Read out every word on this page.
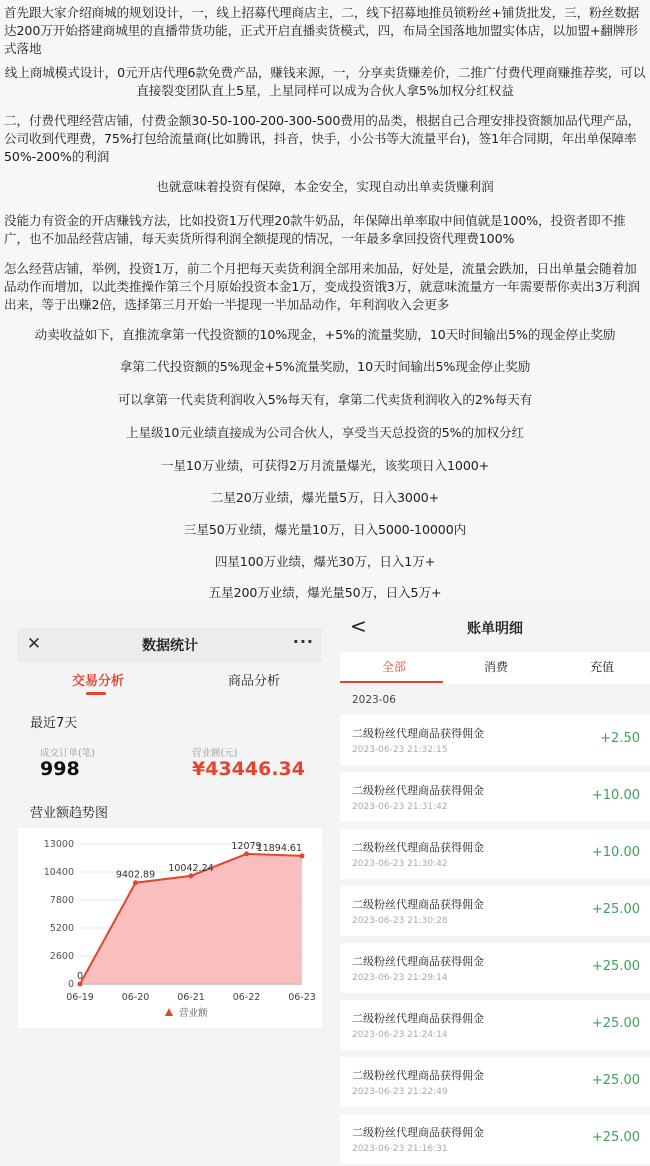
首先跟大家介绍商城的规划设计，一，线上招募代理商店主，二，线下招募地推员锁粉丝+铺货批发，三，粉丝数据达200万开始搭建商城里的直播带货功能，正式开启直播卖货模式，四，布局全国落地加盟实体店，以加盟+翻牌形式落地

线上商城模式设计，0元开店代理6款免费产品，赚钱来源，一，分享卖货赚差价，二推广付费代理商赚推荐奖，可以直接裂变团队直上5星，上星同样可以成为合伙人拿5%加权分红权益

二，付费代理经营店铺，付费金额30-50-100-200-300-500费用的品类，根据自己合理安排投资额加品代理产品，公司收到代理费，75%打包给流量商(比如腾讯，抖音，快手，小公书等大流量平台)，签1年合同期，年出单保障率50%-200%的利润

也就意味着投资有保障，本金安全，实现自动出单卖货赚利润

没能力有资金的开店赚钱方法，比如投资1万代理20款牛奶品，年保障出单率取中间值就是100%，投资者即不推广，也不加品经营店铺，每天卖货所得利润全额提现的情况，一年最多拿回投资代理费100%

怎么经营店铺，举例，投资1万，前二个月把每天卖货利润全部用来加品，好处是，流量会跌加，日出单量会随着加品动作而增加，以此类推操作第三个月原始投资本金1万，变成投资饿3万，就意味流量方一年需要帮你卖出3万利润出来，等于出赚2倍，选择第三月开始一半提现一半加品动作，年利润收入会更多

动卖收益如下，直推流拿第一代投资额的10%现金，+5%的流量奖励，10天时间输出5%的现金停止奖励

拿第二代投资额的5%现金+5%流量奖励，10天时间输出5%现金停止奖励

可以拿第一代卖货利润收入5%每天有，拿第二代卖货利润收入的2%每天有

上星级10元业绩直接成为公司合伙人，享受当天总投资的5%的加权分红

一星10万业绩，可获得2万月流量爆光，该奖项日入1000+

二星20万业绩，爆光量5万，日入3000+

三星50万业绩，爆光量10万，日入5000-10000内

四星100万业绩，爆光30万，日入1万+

五星200万业绩，爆光量50万，日入5万+

✕	数据统计	···
交易分析	商品分析
最近7天
成交订单(笔)
998
营业额(元)
¥43446.34
营业额趋势图
0
2600
5200
7800
10400
13000
0
06-19
9402.89
06-20
10042.24
06-21
12079
06-22
11894.61
06-23
营业额
<	账单明细
全部	消费	充值
2023-06
二级粉丝代理商品获得佣金
2023-06-23 21:32:15
+2.50
二级粉丝代理商品获得佣金
2023-06-23 21:31:42
+10.00
二级粉丝代理商品获得佣金
2023-06-23 21:30:42
+10.00
二级粉丝代理商品获得佣金
2023-06-23 21:30:28
+25.00
二级粉丝代理商品获得佣金
2023-06-23 21:29:14
+25.00
二级粉丝代理商品获得佣金
2023-06-23 21:24:14
+25.00
二级粉丝代理商品获得佣金
2023-06-23 21:22:49
+25.00
二级粉丝代理商品获得佣金
2023-06-23 21:16:31
+25.00
